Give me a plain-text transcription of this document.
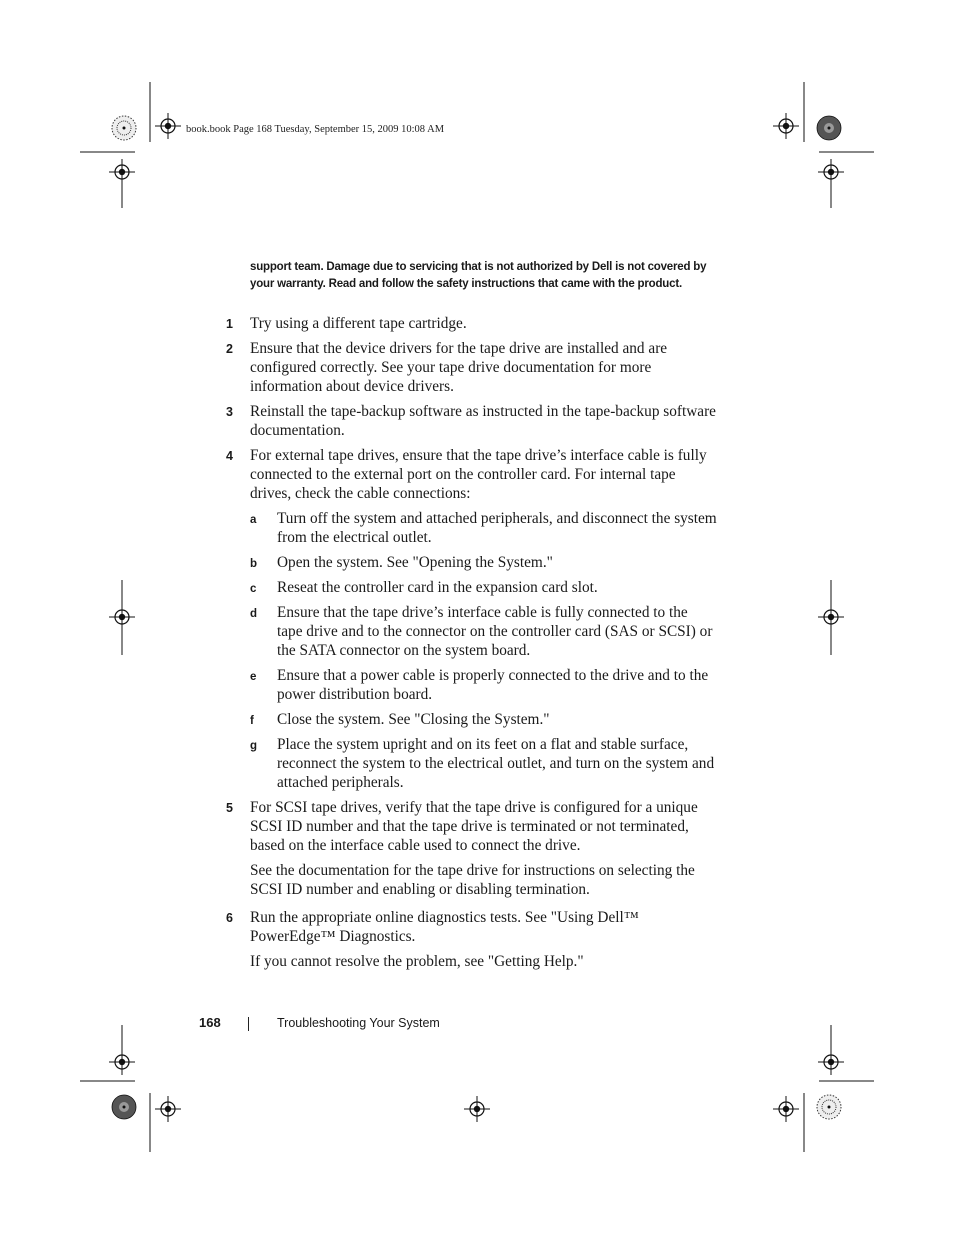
book.book Page 168 Tuesday, September 15, 2009 10:08 AM
support team. Damage due to servicing that is not authorized by Dell is not covered by your warranty. Read and follow the safety instructions that came with the product.
1 Try using a different tape cartridge.
2 Ensure that the device drivers for the tape drive are installed and are configured correctly. See your tape drive documentation for more information about device drivers.
3 Reinstall the tape-backup software as instructed in the tape-backup software documentation.
4 For external tape drives, ensure that the tape drive’s interface cable is fully connected to the external port on the controller card. For internal tape drives, check the cable connections:
a Turn off the system and attached peripherals, and disconnect the system from the electrical outlet.
b Open the system. See "Opening the System."
c Reseat the controller card in the expansion card slot.
d Ensure that the tape drive’s interface cable is fully connected to the tape drive and to the connector on the controller card (SAS or SCSI) or the SATA connector on the system board.
e Ensure that a power cable is properly connected to the drive and to the power distribution board.
f Close the system. See "Closing the System."
g Place the system upright and on its feet on a flat and stable surface, reconnect the system to the electrical outlet, and turn on the system and attached peripherals.
5 For SCSI tape drives, verify that the tape drive is configured for a unique SCSI ID number and that the tape drive is terminated or not terminated, based on the interface cable used to connect the drive.
See the documentation for the tape drive for instructions on selecting the SCSI ID number and enabling or disabling termination.
6 Run the appropriate online diagnostics tests. See "Using Dell™ PowerEdge™ Diagnostics.
If you cannot resolve the problem, see "Getting Help."
168	Troubleshooting Your System
